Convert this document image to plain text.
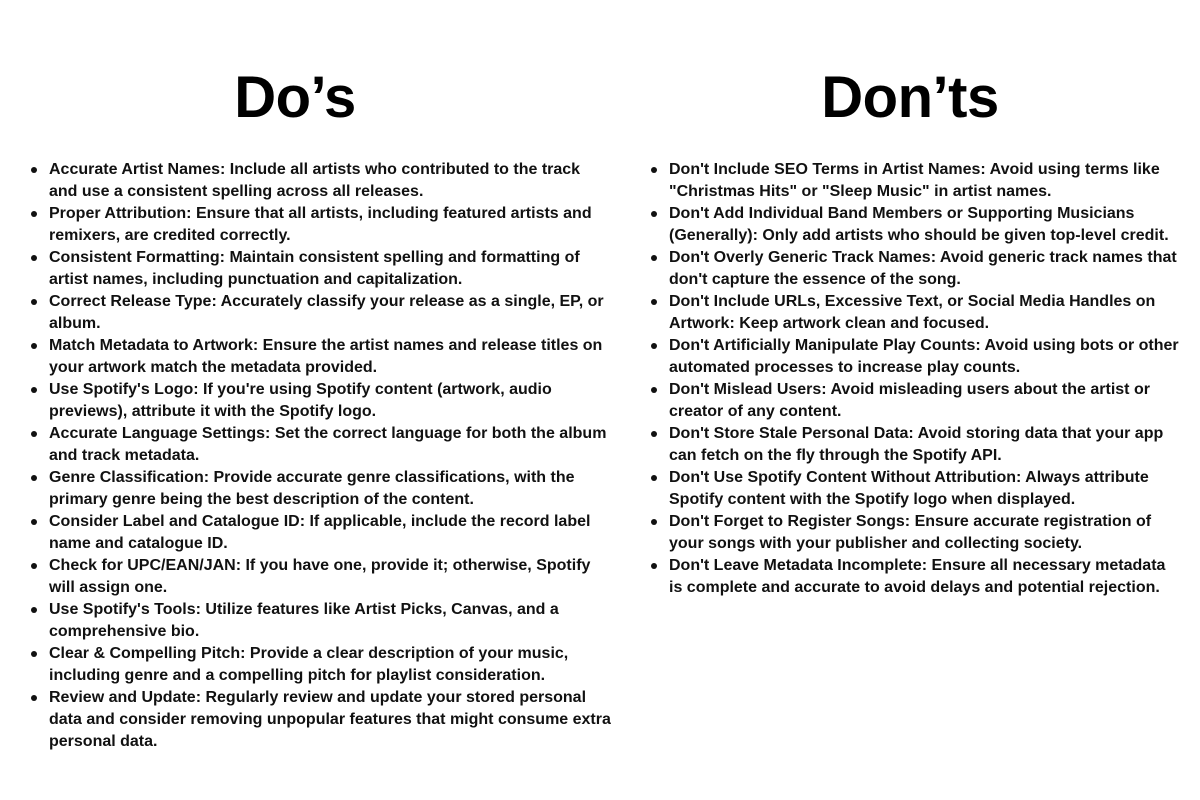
Do’s
Accurate Artist Names: Include all artists who contributed to the track and use a consistent spelling across all releases.
Proper Attribution: Ensure that all artists, including featured artists and remixers, are credited correctly.
Consistent Formatting: Maintain consistent spelling and formatting of artist names, including punctuation and capitalization.
Correct Release Type: Accurately classify your release as a single, EP, or album.
Match Metadata to Artwork: Ensure the artist names and release titles on your artwork match the metadata provided.
Use Spotify's Logo: If you're using Spotify content (artwork, audio previews), attribute it with the Spotify logo.
Accurate Language Settings: Set the correct language for both the album and track metadata.
Genre Classification: Provide accurate genre classifications, with the primary genre being the best description of the content.
Consider Label and Catalogue ID: If applicable, include the record label name and catalogue ID.
Check for UPC/EAN/JAN: If you have one, provide it; otherwise, Spotify will assign one.
Use Spotify's Tools: Utilize features like Artist Picks, Canvas, and a comprehensive bio.
Clear & Compelling Pitch: Provide a clear description of your music, including genre and a compelling pitch for playlist consideration.
Review and Update: Regularly review and update your stored personal data and consider removing unpopular features that might consume extra personal data.
Don’ts
Don't Include SEO Terms in Artist Names: Avoid using terms like "Christmas Hits" or "Sleep Music" in artist names.
Don't Add Individual Band Members or Supporting Musicians (Generally): Only add artists who should be given top-level credit.
Don't Overly Generic Track Names: Avoid generic track names that don't capture the essence of the song.
Don't Include URLs, Excessive Text, or Social Media Handles on Artwork: Keep artwork clean and focused.
Don't Artificially Manipulate Play Counts: Avoid using bots or other automated processes to increase play counts.
Don't Mislead Users: Avoid misleading users about the artist or creator of any content.
Don't Store Stale Personal Data: Avoid storing data that your app can fetch on the fly through the Spotify API.
Don't Use Spotify Content Without Attribution: Always attribute Spotify content with the Spotify logo when displayed.
Don't Forget to Register Songs: Ensure accurate registration of your songs with your publisher and collecting society.
Don't Leave Metadata Incomplete: Ensure all necessary metadata is complete and accurate to avoid delays and potential rejection.
